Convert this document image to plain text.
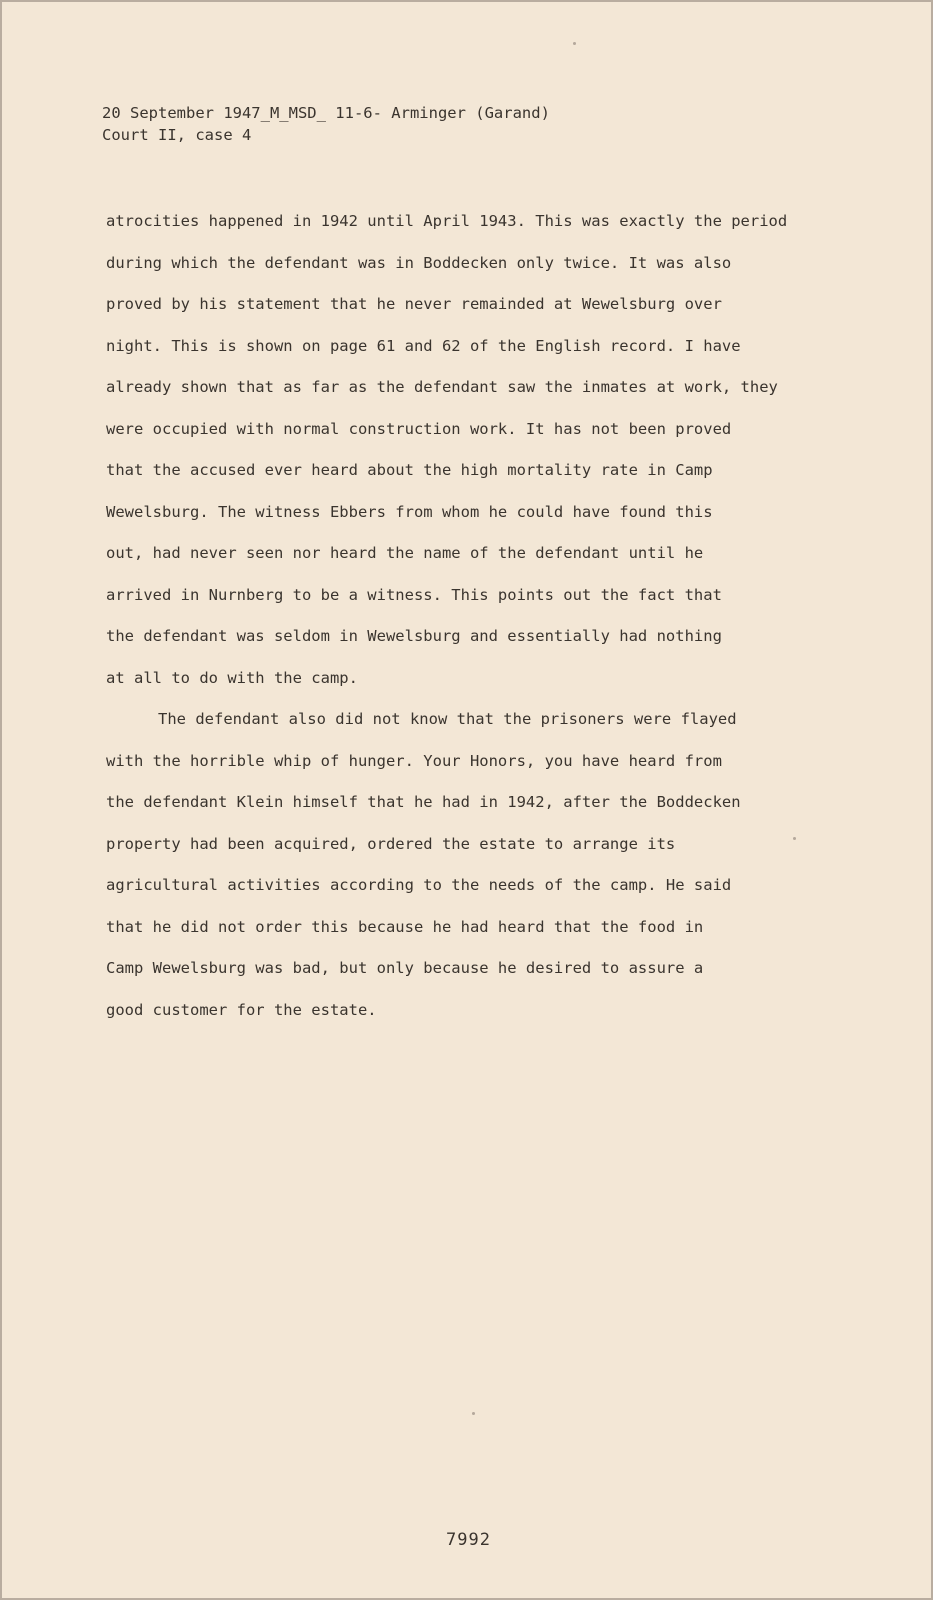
20 September 1947_M_MSD_ 11-6- Arminger (Garand)
Court II, case 4
atrocities happened in 1942 until April 1943. This was exactly the period
during which the defendant was in Boddecken only twice. It was also
proved by his statement that he never remainded at Wewelsburg over
night. This is shown on page 61 and 62 of the English record. I have
already shown that as far as the defendant saw the inmates at work, they
were occupied with normal construction work. It has not been proved
that the accused ever heard about the high mortality rate in Camp
Wewelsburg. The witness Ebbers from whom he could have found this
out, had never seen nor heard the name of the defendant until he
arrived in Nurnberg to be a witness. This points out the fact that
the defendant was seldom in Wewelsburg and essentially had nothing
at all to do with the camp.
The defendant also did not know that the prisoners were flayed
with the horrible whip of hunger. Your Honors, you have heard from
the defendant Klein himself that he had in 1942, after the Boddecken
property had been acquired, ordered the estate to arrange its
agricultural activities according to the needs of the camp. He said
that he did not order this because he had heard that the food in
Camp Wewelsburg was bad, but only because he desired to assure a
good customer for the estate.
7992
